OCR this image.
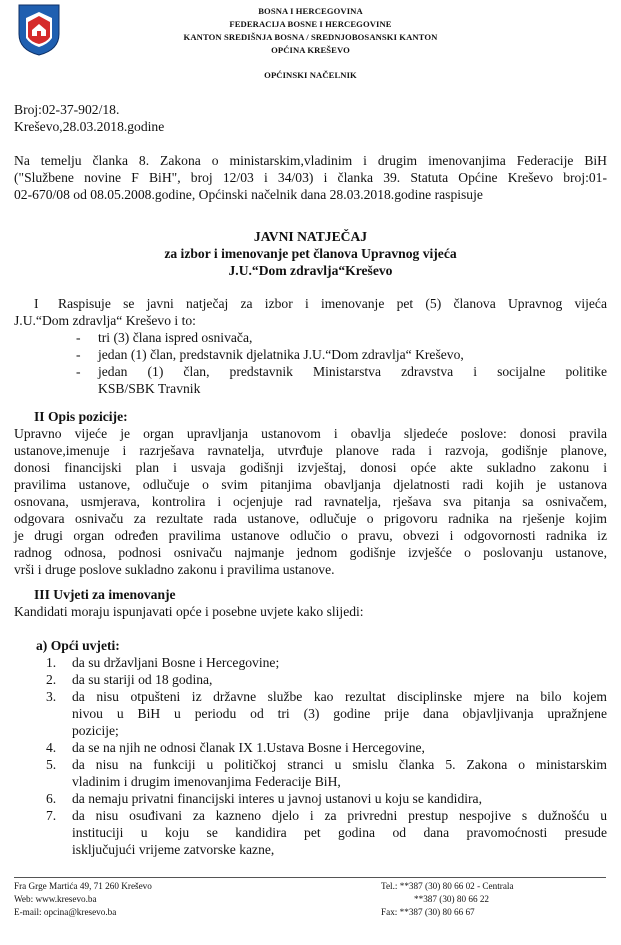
BOSNA I HERCEGOVINA
FEDERACIJA BOSNE I HERCEGOVINE
KANTON SREDIŠNJA BOSNA / SREDNJOBOSANSKI KANTON
OPĆINA KREŠEVO
OPĆINSKI NAČELNIK
Broj:02-37-902/18.
Kreševo,28.03.2018.godine
Na temelju članka 8. Zakona o ministarskim,vladinim i drugim imenovanjima Federacije BiH
("Službene novine F BiH", broj 12/03 i 34/03) i članka 39. Statuta Općine Kreševo broj:01-
02-670/08 od 08.05.2008.godine, Općinski načelnik dana 28.03.2018.godine raspisuje
JAVNI NATJEČAJ
za izbor i imenovanje pet članova Upravnog vijeća
J.U.“Dom zdravlja“Kreševo
I Raspisuje se javni natječaj za izbor i imenovanje pet (5) članova Upravnog vijeća
J.U.“Dom zdravlja“ Kreševo i to:
- tri (3) člana ispred osnivača,
- jedan (1) član, predstavnik djelatnika J.U.“Dom zdravlja“ Kreševo,
- jedan (1) član, predstavnik Ministarstva zdravstva i socijalne politike
KSB/SBK Travnik
II Opis pozicije:
Upravno vijeće je organ upravljanja ustanovom i obavlja sljedeće poslove: donosi pravila
ustanove,imenuje i razrješava ravnatelja, utvrđuje planove rada i razvoja, godišnje planove,
donosi financijski plan i usvaja godišnji izvještaj, donosi opće akte sukladno zakonu i
pravilima ustanove, odlučuje o svim pitanjima obavljanja djelatnosti radi kojih je ustanova
osnovana, usmjerava, kontrolira i ocjenjuje rad ravnatelja, rješava sva pitanja sa osnivačem,
odgovara osnivaču za rezultate rada ustanove, odlučuje o prigovoru radnika na rješenje kojim
je drugi organ određen pravilima ustanove odlučio o pravu, obvezi i odgovornosti radnika iz
radnog odnosa, podnosi osnivaču najmanje jednom godišnje izvješće o poslovanju ustanove,
vrši i druge poslove sukladno zakonu i pravilima ustanove.
III Uvjeti za imenovanje
Kandidati moraju ispunjavati opće i posebne uvjete kako slijedi:
a) Opći uvjeti:
1. da su državljani Bosne i Hercegovine;
2. da su stariji od 18 godina,
3. da nisu otpušteni iz državne službe kao rezultat disciplinske mjere na bilo kojem
nivou u BiH u periodu od tri (3) godine prije dana objavljivanja upražnjene
pozicije;
4. da se na njih ne odnosi članak IX 1.Ustava Bosne i Hercegovine,
5. da nisu na funkciji u političkoj stranci u smislu članka 5. Zakona o ministarskim
vladinim i drugim imenovanjima Federacije BiH,
6. da nemaju privatni financijski interes u javnoj ustanovi u koju se kandidira,
7. da nisu osuđivani za kazneno djelo i za privredni prestup nespojive s dužnošću u
instituciji u koju se kandidira pet godina od dana pravomoćnosti presude
isključujući vrijeme zatvorske kazne,
Fra Grge Martića 49, 71 260 Kreševo
Web: www.kresevo.ba
E-mail: opcina@kresevo.ba
Tel.: **387 (30) 80 66 02 - Centrala
**387 (30) 80 66 22
Fax: **387 (30) 80 66 67
